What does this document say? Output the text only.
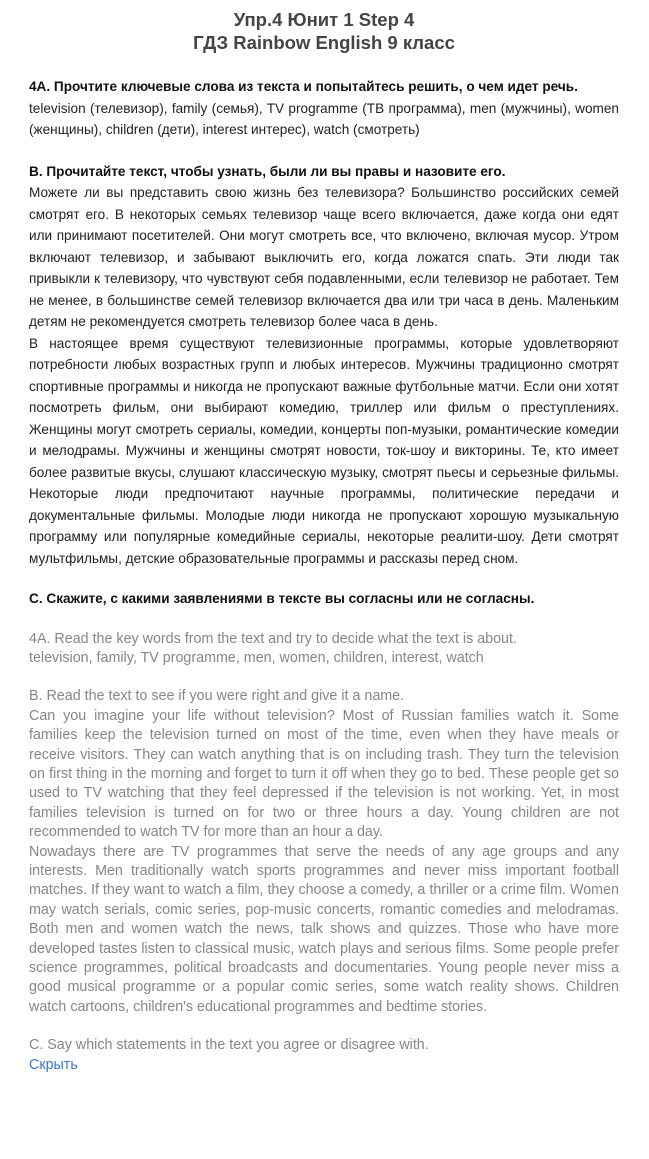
Упр.4 Юнит 1 Step 4
ГДЗ Rainbow English 9 класс

4A. Прочтите ключевые слова из текста и попытайтесь решить, о чем идет речь.

television (телевизор), family (семья), TV programme (ТВ программа), men (мужчины), women (женщины), children (дети), interest интерес), watch (смотреть)

B. Прочитайте текст, чтобы узнать, были ли вы правы и назовите его.

Можете ли вы представить свою жизнь без телевизора? Большинство российских семей смотрят его. В некоторых семьях телевизор чаще всего включается, даже когда они едят или принимают посетителей. Они могут смотреть все, что включено, включая мусор. Утром включают телевизор, и забывают выключить его, когда ложатся спать. Эти люди так привыкли к телевизору, что чувствуют себя подавленными, если телевизор не работает. Тем не менее, в большинстве семей телевизор включается два или три часа в день. Маленьким детям не рекомендуется смотреть телевизор более часа в день.

В настоящее время существуют телевизионные программы, которые удовлетворяют потребности любых возрастных групп и любых интересов. Мужчины традиционно смотрят спортивные программы и никогда не пропускают важные футбольные матчи. Если они хотят посмотреть фильм, они выбирают комедию, триллер или фильм о преступлениях. Женщины могут смотреть сериалы, комедии, концерты поп-музыки, романтические комедии и мелодрамы. Мужчины и женщины смотрят новости, ток-шоу и викторины. Те, кто имеет более развитые вкусы, слушают классическую музыку, смотрят пьесы и серьезные фильмы. Некоторые люди предпочитают научные программы, политические передачи и документальные фильмы. Молодые люди никогда не пропускают хорошую музыкальную программу или популярные комедийные сериалы, некоторые реалити-шоу. Дети смотрят мультфильмы, детские образовательные программы и рассказы перед сном.

C. Скажите, с какими заявлениями в тексте вы согласны или не согласны.

4A. Read the key words from the text and try to decide what the text is about.

television, family, TV programme, men, women, children, interest, watch

B. Read the text to see if you were right and give it a name.

Can you imagine your life without television? Most of Russian families watch it. Some families keep the television turned on most of the time, even when they have meals or receive visitors. They can watch anything that is on including trash. They turn the television on first thing in the morning and forget to turn it off when they go to bed. These people get so used to TV watching that they feel depressed if the television is not working. Yet, in most families television is turned on for two or three hours a day. Young children are not recommended to watch TV for more than an hour a day.

Nowadays there are TV programmes that serve the needs of any age groups and any interests. Men traditionally watch sports programmes and never miss important football matches. If they want to watch a film, they choose a comedy, a thriller or a crime film. Women may watch serials, comic series, pop-music concerts, romantic comedies and melodramas. Both men and women watch the news, talk shows and quizzes. Those who have more developed tastes listen to classical music, watch plays and serious films. Some people prefer science programmes, political broadcasts and documentaries. Young people never miss a good musical programme or a popular comic series, some watch reality shows. Children watch cartoons, children's educational programmes and bedtime stories.

C. Say which statements in the text you agree or disagree with.

Скрыть
